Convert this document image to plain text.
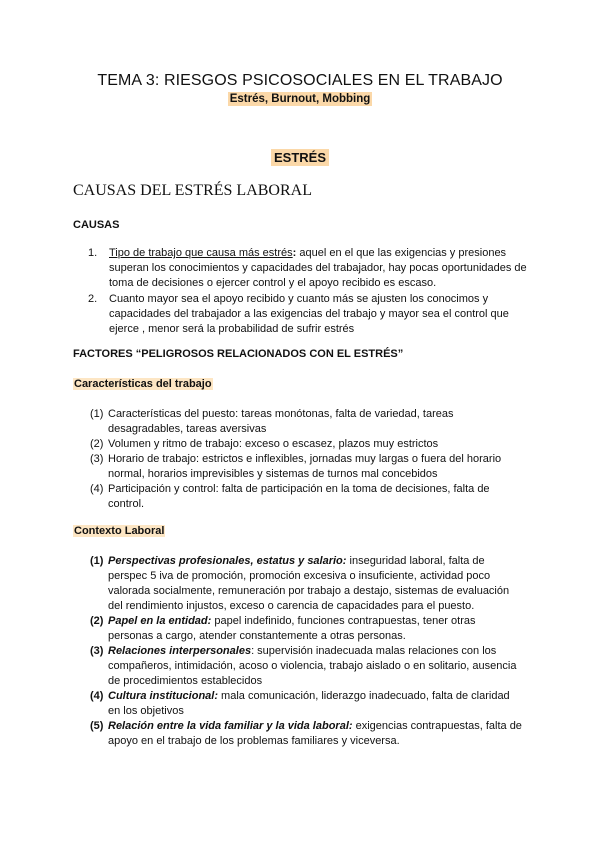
TEMA 3: RIESGOS PSICOSOCIALES EN EL TRABAJO
Estrés, Burnout, Mobbing
ESTRÉS
CAUSAS DEL ESTRÉS LABORAL
CAUSAS
1. Tipo de trabajo que causa más estrés: aquel en el que las exigencias y presiones superan los conocimientos y capacidades del trabajador, hay pocas oportunidades de toma de decisiones o ejercer control y el apoyo recibido es escaso.
2. Cuanto mayor sea el apoyo recibido y cuanto más se ajusten los conocimos y capacidades del trabajador a las exigencias del trabajo y mayor sea el control que ejerce , menor será la probabilidad de sufrir estrés
FACTORES “PELIGROSOS RELACIONADOS CON EL ESTRÉS”
Características del trabajo
(1) Características del puesto: tareas monótonas, falta de variedad, tareas desagradables, tareas aversivas
(2) Volumen y ritmo de trabajo: exceso o escasez, plazos muy estrictos
(3) Horario de trabajo: estrictos e inflexibles, jornadas muy largas o fuera del horario normal, horarios imprevisibles y sistemas de turnos mal concebidos
(4) Participación y control: falta de participación en la toma de decisiones, falta de control.
Contexto Laboral
(1) Perspectivas profesionales, estatus y salario: inseguridad laboral, falta de perspec 5 iva de promoción, promoción excesiva o insuficiente, actividad poco valorada socialmente, remuneración por trabajo a destajo, sistemas de evaluación del rendimiento injustos, exceso o carencia de capacidades para el puesto.
(2) Papel en la entidad: papel indefinido, funciones contrapuestas, tener otras personas a cargo, atender constantemente a otras personas.
(3) Relaciones interpersonales: supervisión inadecuada malas relaciones con los compañeros, intimidación, acoso o violencia, trabajo aislado o en solitario, ausencia de procedimientos establecidos
(4) Cultura institucional: mala comunicación, liderazgo inadecuado, falta de claridad en los objetivos
(5) Relación entre la vida familiar y la vida laboral: exigencias contrapuestas, falta de apoyo en el trabajo de los problemas familiares y viceversa.
